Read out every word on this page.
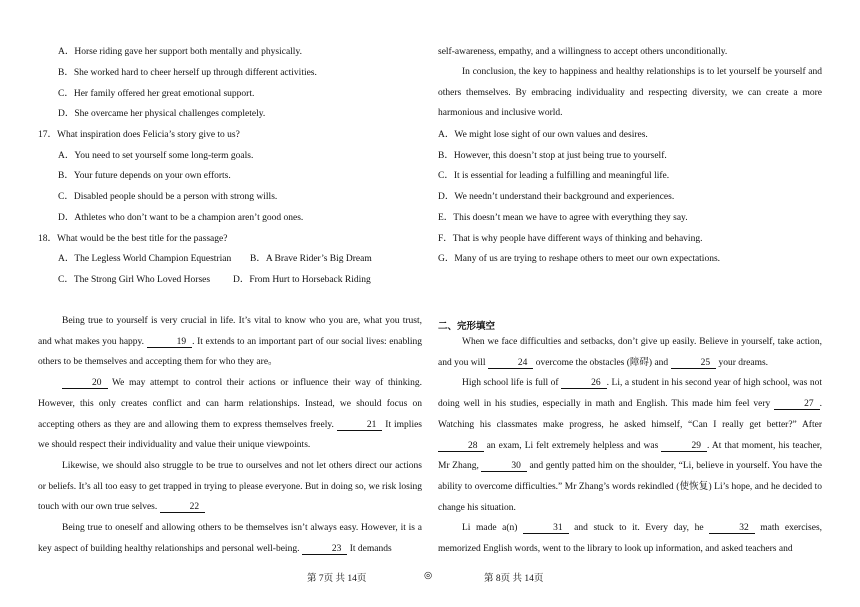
A．Horse riding gave her support both mentally and physically.
B．She worked hard to cheer herself up through different activities.
C．Her family offered her great emotional support.
D．She overcame her physical challenges completely.
17．What inspiration does Felicia’s story give to us?
A．You need to set yourself some long-term goals.
B．Your future depends on your own efforts.
C．Disabled people should be a person with strong wills.
D．Athletes who don’t want to be a champion aren’t good ones.
18．What would be the best title for the passage?
A．The Legless World Champion Equestrian B．A Brave Rider’s Big Dream
C．The Strong Girl Who Loved Horses D．From Hurt to Horseback Riding

Being true to yourself is very crucial in life. It’s vital to know who you are, what you trust, and what makes you happy.	19 . It extends to an important part of our social lives: enabling others to be themselves and accepting them for who they are。

20 We may attempt to control their actions or influence their way of thinking. However, this only creates conflict and can harm relationships. Instead, we should focus on accepting others as they are and allowing them to express themselves freely.	21 It implies we should respect their individuality and value their unique viewpoints.

Likewise, we should also struggle to be true to ourselves and not let others direct our actions or beliefs. It’s all too easy to get trapped in trying to please everyone. But in doing so, we risk losing touch with our own true selves.	22

Being true to oneself and allowing others to be themselves isn’t always easy. However, it is a key aspect of building healthy relationships and personal well-being.	23 It demands

self-awareness, empathy, and a willingness to accept others unconditionally.

In conclusion, the key to happiness and healthy relationships is to let yourself be yourself and others themselves. By embracing individuality and respecting diversity, we can create a more harmonious and inclusive world.

A．We might lose sight of our own values and desires.
B．However, this doesn’t stop at just being true to yourself.
C．It is essential for leading a fulfilling and meaningful life.
D．We needn’t understand their background and experiences.
E．This doesn’t mean we have to agree with everything they say.
F．That is why people have different ways of thinking and behaving.
G．Many of us are trying to reshape others to meet our own expectations.
二、完形填空

When we face difficulties and setbacks, don’t give up easily. Believe in yourself, take action, and you will	24 overcome the obstacles (障碍) and	25 your dreams.

High school life is full of	26 . Li, a student in his second year of high school, was not doing well in his studies, especially in math and English. This made him feel very	27 . Watching his classmates make progress, he asked himself, “Can I really get better?” After 28 an exam, Li felt extremely helpless and was	29 . At that moment, his teacher, Mr Zhang,	30 and gently patted him on the shoulder, “Li, believe in yourself. You have the ability to overcome difficulties.” Mr Zhang’s words rekindled (使恢复) Li’s hope, and he decided to change his situation.

Li made a(n)	31 and stuck to it. Every day, he	32 math exercises, memorized English words, went to the library to look up information, and asked teachers and

第 7页 共 14页	◎	第 8页 共 14页
